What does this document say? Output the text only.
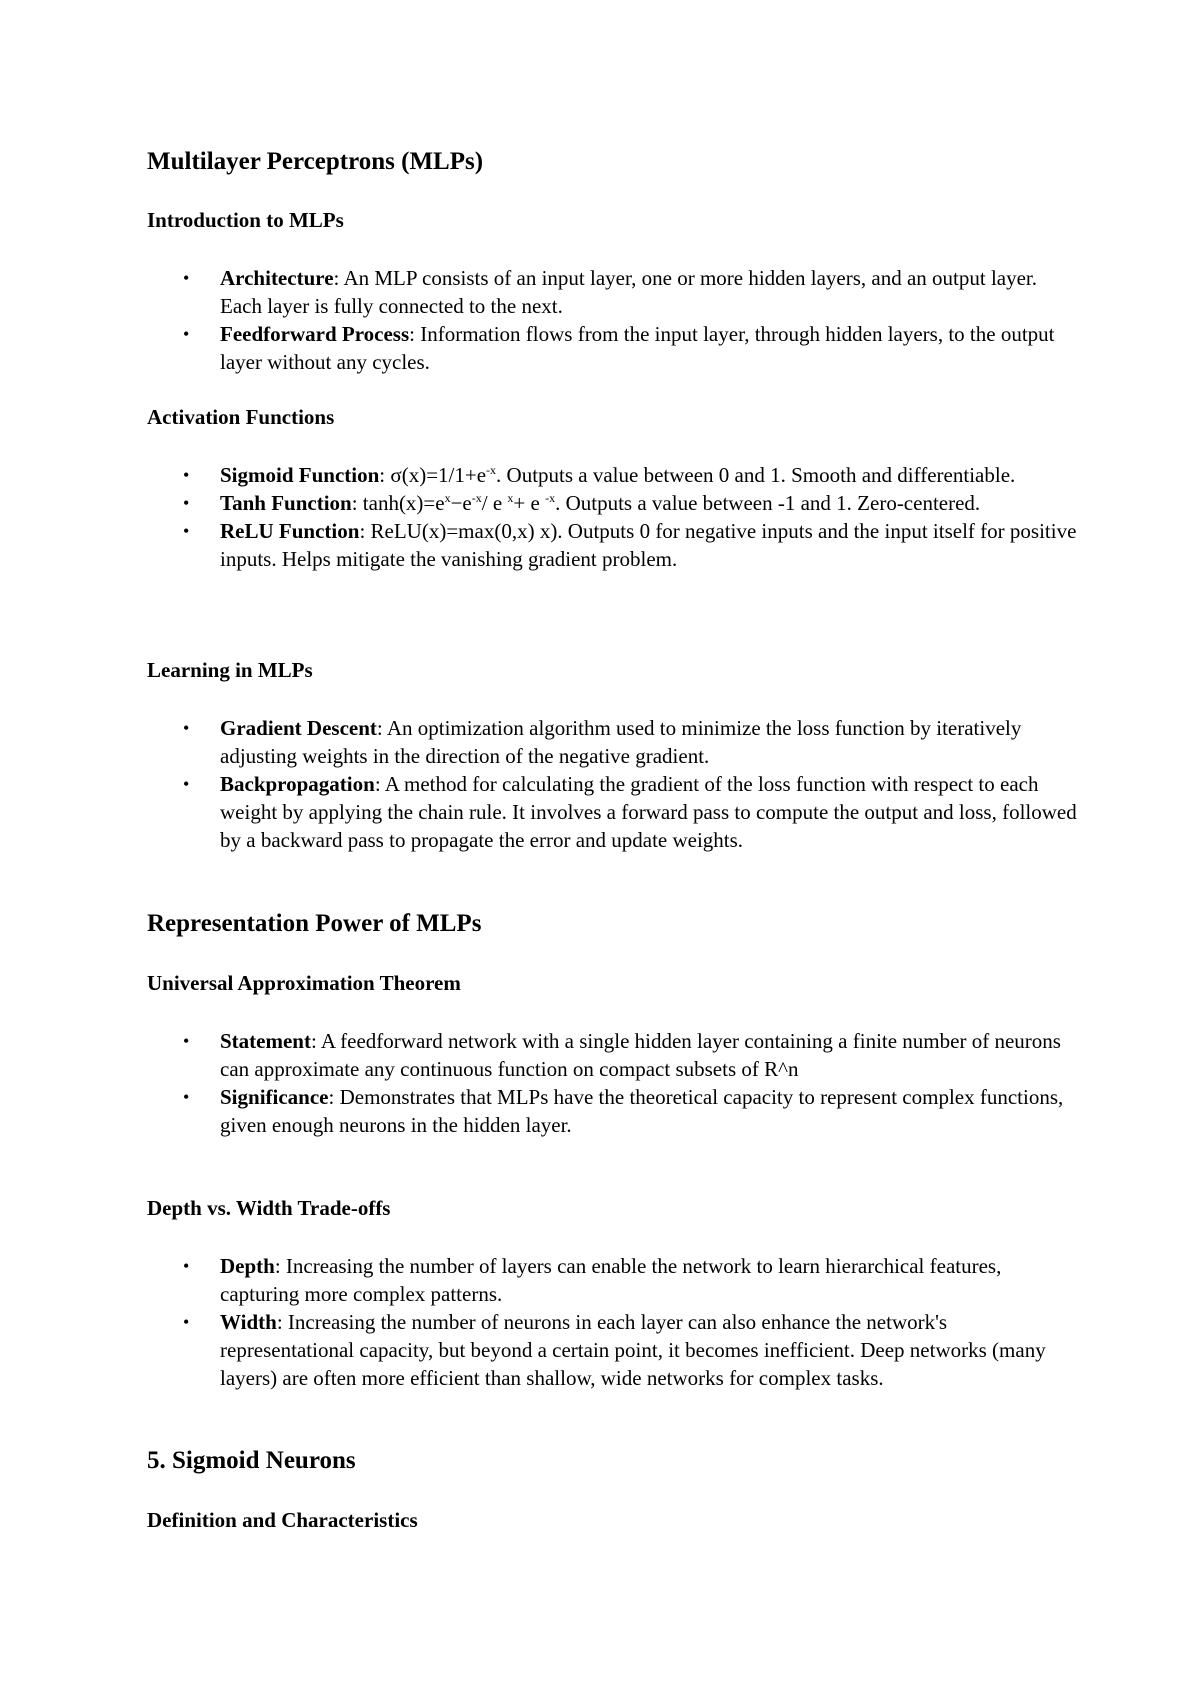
Multilayer Perceptrons (MLPs)
Introduction to MLPs
• Architecture: An MLP consists of an input layer, one or more hidden layers, and an output layer. Each layer is fully connected to the next.
• Feedforward Process: Information flows from the input layer, through hidden layers, to the output layer without any cycles.
Activation Functions
• Sigmoid Function: $\sigma(x)=1/1+e^{-x}$. Outputs a value between 0 and 1. Smooth and differentiable.
• Tanh Function: $\tanh(x)=e^x-e^{-x}/$ e $^x$+ e $^{-x}$. Outputs a value between -1 and 1. Zero-centered.
• ReLU Function: ReLU(x)=max(0,x) x). Outputs 0 for negative inputs and the input itself for positive inputs. Helps mitigate the vanishing gradient problem.
Learning in MLPs
• Gradient Descent: An optimization algorithm used to minimize the loss function by iteratively adjusting weights in the direction of the negative gradient.
• Backpropagation: A method for calculating the gradient of the loss function with respect to each weight by applying the chain rule. It involves a forward pass to compute the output and loss, followed by a backward pass to propagate the error and update weights.
Representation Power of MLPs
Universal Approximation Theorem
• Statement: A feedforward network with a single hidden layer containing a finite number of neurons can approximate any continuous function on compact subsets of R^n
• Significance: Demonstrates that MLPs have the theoretical capacity to represent complex functions, given enough neurons in the hidden layer.
Depth vs. Width Trade-offs
• Depth: Increasing the number of layers can enable the network to learn hierarchical features, capturing more complex patterns.
• Width: Increasing the number of neurons in each layer can also enhance the network's representational capacity, but beyond a certain point, it becomes inefficient. Deep networks (many layers) are often more efficient than shallow, wide networks for complex tasks.
5. Sigmoid Neurons
Definition and Characteristics
